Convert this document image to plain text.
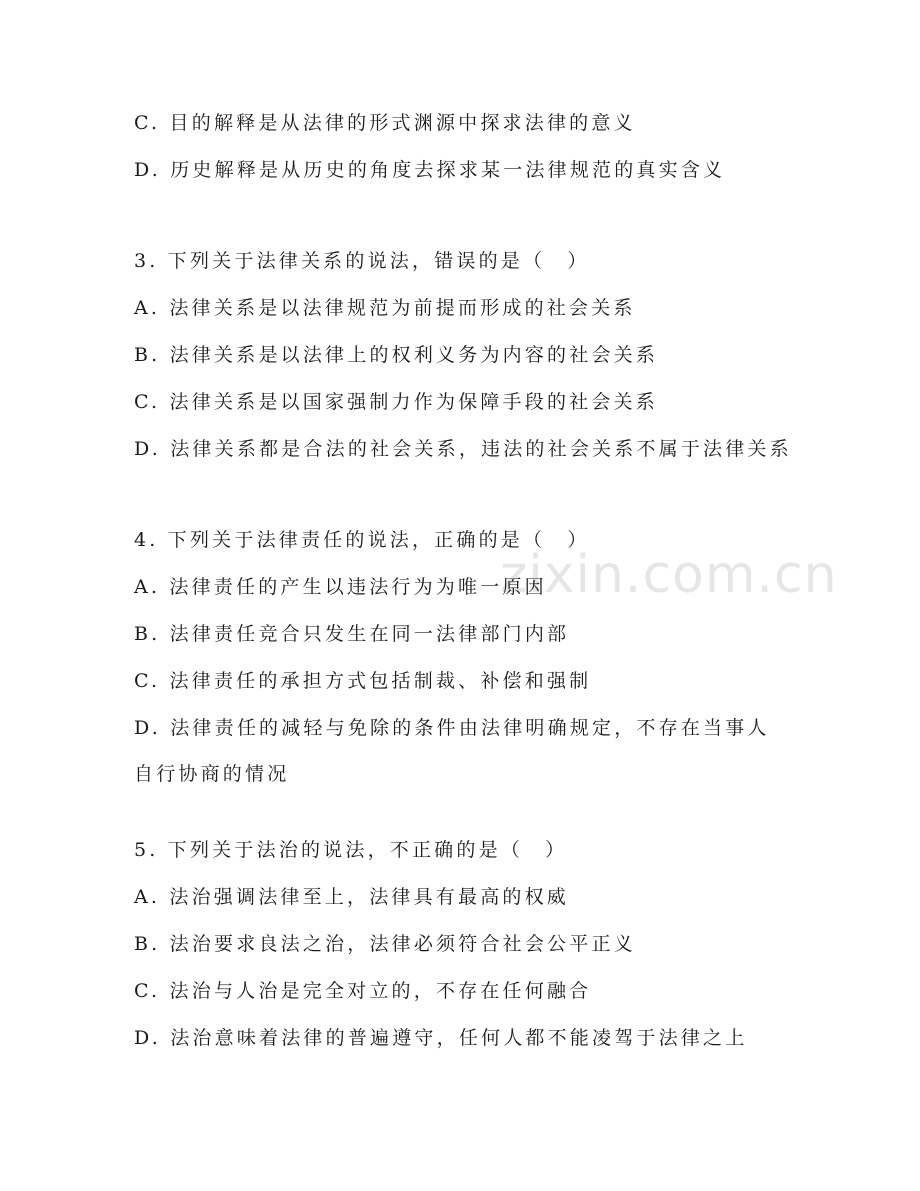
zixin.com.cn
C. 目的解释是从法律的形式渊源中探求法律的意义
D. 历史解释是从历史的角度去探求某一法律规范的真实含义
3. 下列关于法律关系的说法，错误的是（　）
A. 法律关系是以法律规范为前提而形成的社会关系
B. 法律关系是以法律上的权利义务为内容的社会关系
C. 法律关系是以国家强制力作为保障手段的社会关系
D. 法律关系都是合法的社会关系，违法的社会关系不属于法律关系
4. 下列关于法律责任的说法，正确的是（　）
A. 法律责任的产生以违法行为为唯一原因
B. 法律责任竞合只发生在同一法律部门内部
C. 法律责任的承担方式包括制裁、补偿和强制
D. 法律责任的减轻与免除的条件由法律明确规定，不存在当事人自行协商的情况
5. 下列关于法治的说法，不正确的是（　）
A. 法治强调法律至上，法律具有最高的权威
B. 法治要求良法之治，法律必须符合社会公平正义
C. 法治与人治是完全对立的，不存在任何融合
D. 法治意味着法律的普遍遵守，任何人都不能凌驾于法律之上
